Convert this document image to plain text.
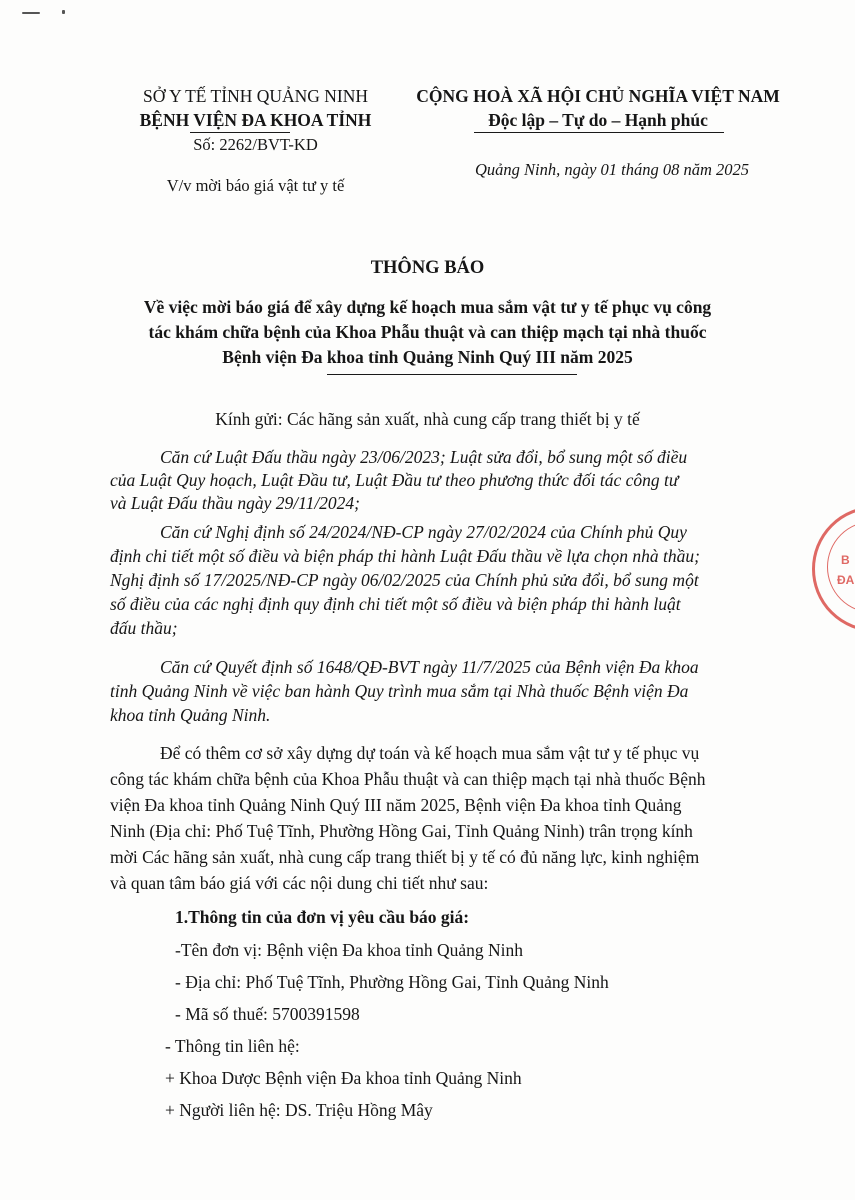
SỞ Y TẾ TỈNH QUẢNG NINH
BỆNH VIỆN ĐA KHOA TỈNH
Số: 2262/BVT-KD
V/v mời báo giá vật tư y tế
CỘNG HOÀ XÃ HỘI CHỦ NGHĨA VIỆT NAM
Độc lập – Tự do – Hạnh phúc
Quảng Ninh, ngày 01 tháng 08 năm 2025
THÔNG BÁO
Về việc mời báo giá để xây dựng kế hoạch mua sắm vật tư y tế phục vụ công
tác khám chữa bệnh của Khoa Phẫu thuật và can thiệp mạch tại nhà thuốc
Bệnh viện Đa khoa tỉnh Quảng Ninh Quý III năm 2025
Kính gửi: Các hãng sản xuất, nhà cung cấp trang thiết bị y tế
Căn cứ Luật Đấu thầu ngày 23/06/2023; Luật sửa đổi, bổ sung một số điều
của Luật Quy hoạch, Luật Đầu tư, Luật Đầu tư theo phương thức đối tác công tư
và Luật Đấu thầu ngày 29/11/2024;
Căn cứ Nghị định số 24/2024/NĐ-CP ngày 27/02/2024 của Chính phủ Quy
định chi tiết một số điều và biện pháp thi hành Luật Đấu thầu về lựa chọn nhà thầu;
Nghị định số 17/2025/NĐ-CP ngày 06/02/2025 của Chính phủ sửa đổi, bổ sung một
số điều của các nghị định quy định chi tiết một số điều và biện pháp thi hành luật
đấu thầu;
Căn cứ Quyết định số 1648/QĐ-BVT ngày 11/7/2025 của Bệnh viện Đa khoa
tỉnh Quảng Ninh về việc ban hành Quy trình mua sắm tại Nhà thuốc Bệnh viện Đa
khoa tỉnh Quảng Ninh.
Để có thêm cơ sở xây dựng dự toán và kế hoạch mua sắm vật tư y tế phục vụ
công tác khám chữa bệnh của Khoa Phẫu thuật và can thiệp mạch tại nhà thuốc Bệnh
viện Đa khoa tỉnh Quảng Ninh Quý III năm 2025, Bệnh viện Đa khoa tỉnh Quảng
Ninh (Địa chỉ: Phố Tuệ Tĩnh, Phường Hồng Gai, Tỉnh Quảng Ninh) trân trọng kính
mời Các hãng sản xuất, nhà cung cấp trang thiết bị y tế có đủ năng lực, kinh nghiệm
và quan tâm báo giá với các nội dung chi tiết như sau:
1.Thông tin của đơn vị yêu cầu báo giá:
-Tên đơn vị: Bệnh viện Đa khoa tỉnh Quảng Ninh
- Địa chỉ: Phố Tuệ Tĩnh, Phường Hồng Gai, Tỉnh Quảng Ninh
- Mã số thuế: 5700391598
- Thông tin liên hệ:
+ Khoa Dược Bệnh viện Đa khoa tỉnh Quảng Ninh
+ Người liên hệ: DS. Triệu Hồng Mây
B
ĐA
